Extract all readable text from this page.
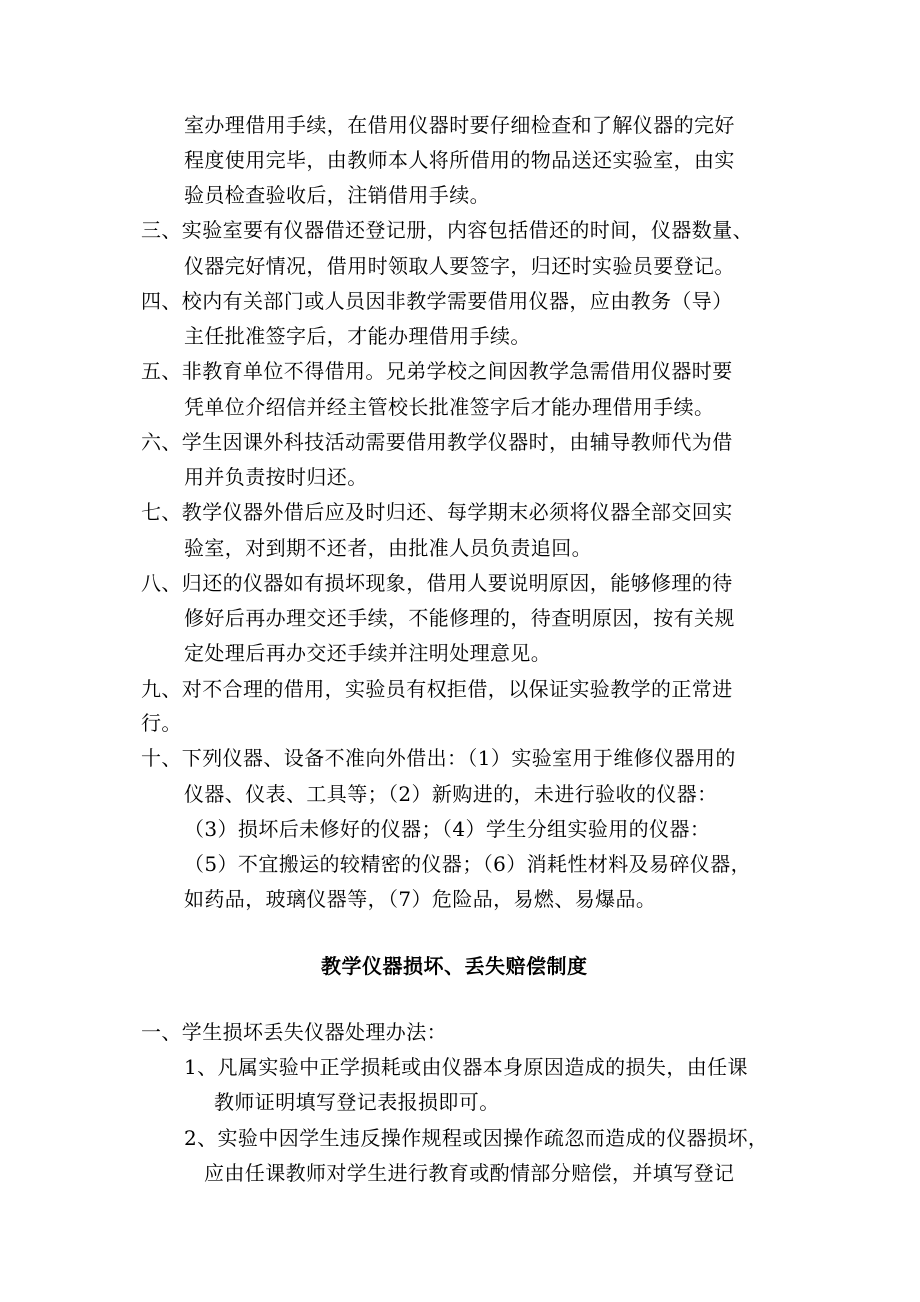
室办理借用手续，在借用仪器时要仔细检查和了解仪器的完好
程度使用完毕，由教师本人将所借用的物品送还实验室，由实
验员检查验收后，注销借用手续。
三、实验室要有仪器借还登记册，内容包括借还的时间，仪器数量、
仪器完好情况，借用时领取人要签字，归还时实验员要登记。
四、校内有关部门或人员因非教学需要借用仪器，应由教务（导）
主任批准签字后，才能办理借用手续。
五、非教育单位不得借用。兄弟学校之间因教学急需借用仪器时要
凭单位介绍信并经主管校长批准签字后才能办理借用手续。
六、学生因课外科技活动需要借用教学仪器时，由辅导教师代为借
用并负责按时归还。
七、教学仪器外借后应及时归还、每学期末必须将仪器全部交回实
验室，对到期不还者，由批准人员负责追回。
八、归还的仪器如有损坏现象，借用人要说明原因，能够修理的待
修好后再办理交还手续，不能修理的，待查明原因，按有关规
定处理后再办交还手续并注明处理意见。
九、对不合理的借用，实验员有权拒借，以保证实验教学的正常进
行。
十、下列仪器、设备不准向外借出：（1）实验室用于维修仪器用的
仪器、仪表、工具等；（2）新购进的，未进行验收的仪器：
（3）损坏后未修好的仪器；（4）学生分组实验用的仪器：
（5）不宜搬运的较精密的仪器；（6）消耗性材料及易碎仪器，
如药品，玻璃仪器等，（7）危险品，易燃、易爆品。
教学仪器损坏、丢失赔偿制度
一、学生损坏丢失仪器处理办法：
1、凡属实验中正学损耗或由仪器本身原因造成的损失，由任课
教师证明填写登记表报损即可。
2、实验中因学生违反操作规程或因操作疏忽而造成的仪器损坏，
应由任课教师对学生进行教育或酌情部分赔偿，并填写登记
